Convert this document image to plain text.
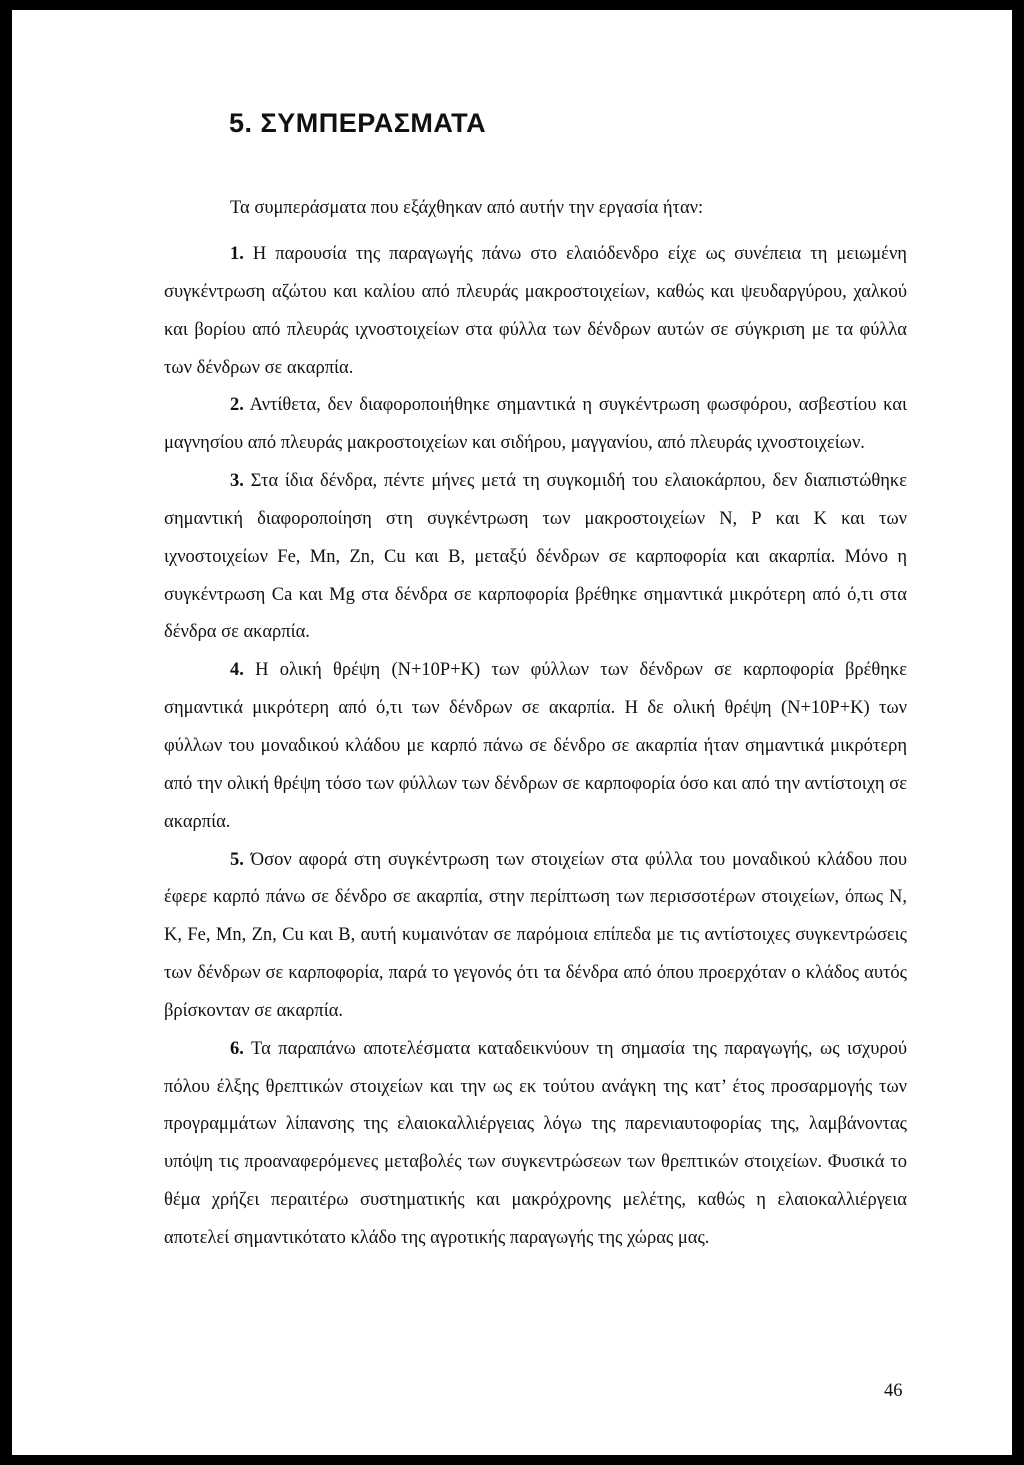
5. ΣΥΜΠΕΡΑΣΜΑΤΑ
Τα συμπεράσματα που εξάχθηκαν από αυτήν την εργασία ήταν:

1. Η παρουσία της παραγωγής πάνω στο ελαιόδενδρο είχε ως συνέπεια τη μειωμένη συγκέντρωση αζώτου και καλίου από πλευράς μακροστοιχείων, καθώς και ψευδαργύρου, χαλκού και βορίου από πλευράς ιχνοστοιχείων στα φύλλα των δένδρων αυτών σε σύγκριση με τα φύλλα των δένδρων σε ακαρπία.

2. Αντίθετα, δεν διαφοροποιήθηκε σημαντικά η συγκέντρωση φωσφόρου, ασβεστίου και μαγνησίου από πλευράς μακροστοιχείων και σιδήρου, μαγγανίου, από πλευράς ιχνοστοιχείων.

3. Στα ίδια δένδρα, πέντε μήνες μετά τη συγκομιδή του ελαιοκάρπου, δεν διαπιστώθηκε σημαντική διαφοροποίηση στη συγκέντρωση των μακροστοιχείων Ν, Ρ και Κ και των ιχνοστοιχείων Fe, Mn, Zn, Cu και Β, μεταξύ δένδρων σε καρποφορία και ακαρπία. Μόνο η συγκέντρωση Ca και Mg στα δένδρα σε καρποφορία βρέθηκε σημαντικά μικρότερη από ό,τι στα δένδρα σε ακαρπία.

4. Η ολική θρέψη (N+10P+K) των φύλλων των δένδρων σε καρποφορία βρέθηκε σημαντικά μικρότερη από ό,τι των δένδρων σε ακαρπία. Η δε ολική θρέψη (N+10P+K) των φύλλων του μοναδικού κλάδου με καρπό πάνω σε δένδρο σε ακαρπία ήταν σημαντικά μικρότερη από την ολική θρέψη τόσο των φύλλων των δένδρων σε καρποφορία όσο και από την αντίστοιχη σε ακαρπία.

5. Όσον αφορά στη συγκέντρωση των στοιχείων στα φύλλα του μοναδικού κλάδου που έφερε καρπό πάνω σε δένδρο σε ακαρπία, στην περίπτωση των περισσοτέρων στοιχείων, όπως Ν, Κ, Fe, Mn, Zn, Cu και Β, αυτή κυμαινόταν σε παρόμοια επίπεδα με τις αντίστοιχες συγκεντρώσεις των δένδρων σε καρποφορία, παρά το γεγονός ότι τα δένδρα από όπου προερχόταν ο κλάδος αυτός βρίσκονταν σε ακαρπία.

6. Τα παραπάνω αποτελέσματα καταδεικνύουν τη σημασία της παραγωγής, ως ισχυρού πόλου έλξης θρεπτικών στοιχείων και την ως εκ τούτου ανάγκη της κατ’ έτος προσαρμογής των προγραμμάτων λίπανσης της ελαιοκαλλιέργειας λόγω της παρενιαυτοφορίας της, λαμβάνοντας υπόψη τις προαναφερόμενες μεταβολές των συγκεντρώσεων των θρεπτικών στοιχείων. Φυσικά το θέμα χρήζει περαιτέρω συστηματικής και μακρόχρονης μελέτης, καθώς η ελαιοκαλλιέργεια αποτελεί σημαντικότατο κλάδο της αγροτικής παραγωγής της χώρας μας.

46
